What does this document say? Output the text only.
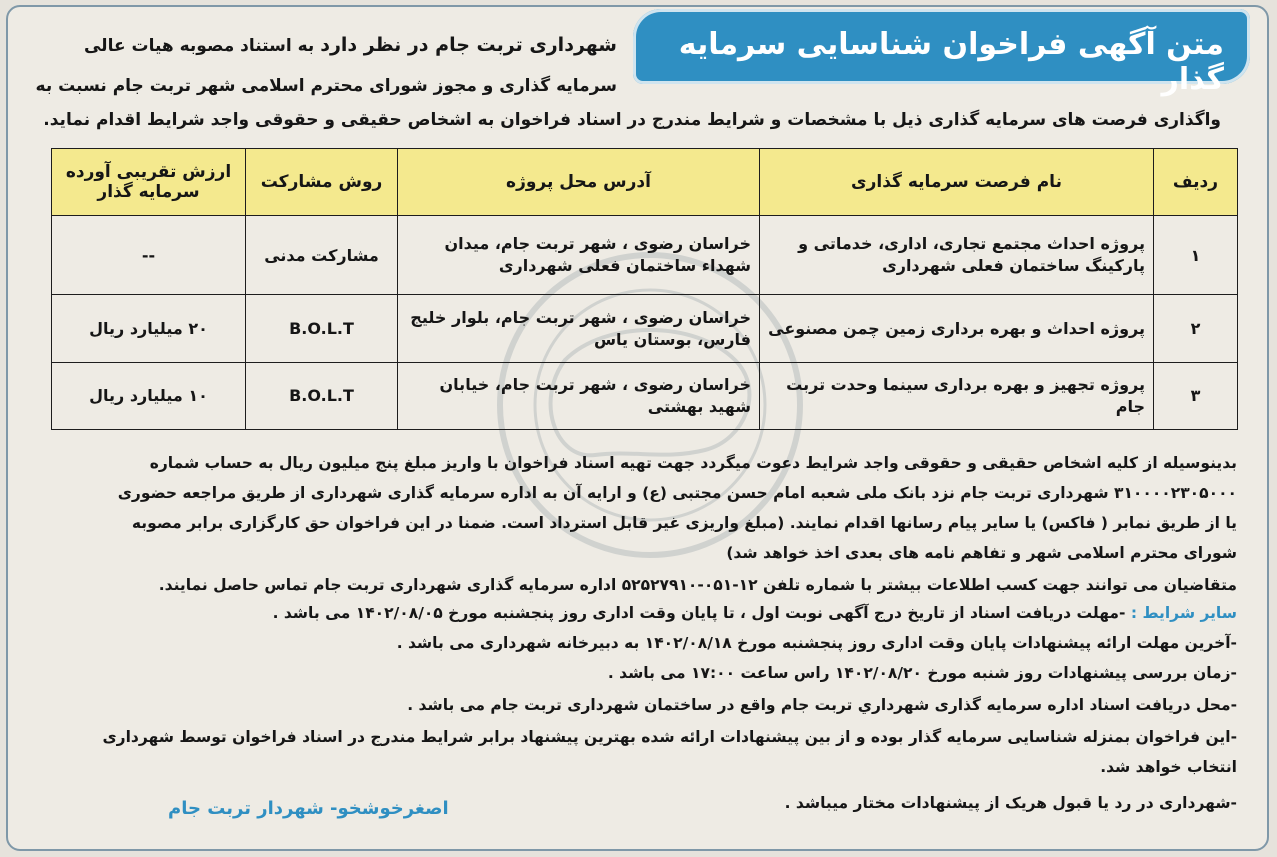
متن آگهی فراخوان شناسایی سرمایه گذار
شهرداری تربت جام در نظر دارد به استناد مصوبه هیات عالی
سرمایه گذاری و مجوز شورای محترم اسلامی شهر تربت جام نسبت به
واگذاری فرصت های سرمایه گذاری ذیل با مشخصات و شرایط مندرج در اسناد فراخوان به اشخاص حقیقی و حقوقی واجد شرایط اقدام نماید.
ردیف	نام فرصت سرمایه گذاری	آدرس محل پروژه	روش مشارکت	ارزش تقریبی آورده سرمایه گذار
۱	پروژه احداث مجتمع تجاری، اداری، خدماتی و پارکینگ ساختمان فعلی شهرداری	خراسان رضوی ، شهر تربت جام، میدان شهداء ساختمان فعلی شهرداری	مشارکت مدنی	--
۲	پروژه احداث و بهره برداری زمین چمن مصنوعی	خراسان رضوی ، شهر تربت جام، بلوار خلیج فارس، بوستان یاس	B.O.L.T	۲۰ میلیارد ریال
۳	پروژه تجهیز و بهره برداری سینما وحدت تربت جام	خراسان رضوی ، شهر تربت جام، خیابان شهید بهشتی	B.O.L.T	۱۰ میلیارد ریال
بدینوسیله از کلیه اشخاص حقیقی و حقوقی واجد شرایط دعوت میگردد جهت تهیه اسناد فراخوان با واریز مبلغ پنج میلیون ریال به حساب شماره
۳۱۰۰۰۰۲۳۰۵۰۰۰ شهرداری تربت جام نزد بانک ملی شعبه امام حسن مجتبی (ع) و ارایه آن به اداره سرمایه گذاری شهرداری از طریق مراجعه حضوری
یا از طریق نمابر ( فاکس) یا سایر پیام رسانها اقدام نمایند. (مبلغ واریزی غیر قابل استرداد است. ضمنا در این فراخوان حق کارگزاری برابر مصوبه
شورای محترم اسلامی شهر و تفاهم نامه های بعدی اخذ خواهد شد)
متقاضیان می توانند جهت کسب اطلاعات بیشتر با شماره تلفن ۱۲-۰۵۱-۵۲۵۲۷۹۱۰ اداره سرمایه گذاری شهرداری تربت جام تماس حاصل نمایند.
سایر شرایط : -مهلت دریافت اسناد از تاریخ درج آگهی نوبت اول ، تا پایان وقت اداری روز پنجشنبه مورخ ۱۴۰۲/۰۸/۰۵ می باشد .
-آخرین مهلت ارائه پیشنهادات پایان وقت اداری روز پنجشنبه مورخ ۱۴۰۲/۰۸/۱۸ به دبیرخانه شهرداری می باشد .
-زمان بررسی پیشنهادات روز شنبه مورخ ۱۴۰۲/۰۸/۲۰ راس ساعت ۱۷:۰۰ می باشد .
-محل دریافت اسناد اداره سرمایه گذاری شهرداري تربت جام واقع در ساختمان شهرداری تربت جام می باشد .
-این فراخوان بمنزله شناسایی سرمایه گذار بوده و از بین پیشنهادات ارائه شده بهترین پیشنهاد برابر شرایط مندرج در اسناد فراخوان توسط شهرداری
انتخاب خواهد شد.
-شهرداری در رد یا قبول هریک از پیشنهادات مختار میباشد .
اصغرخوشخو- شهردار تربت جام
